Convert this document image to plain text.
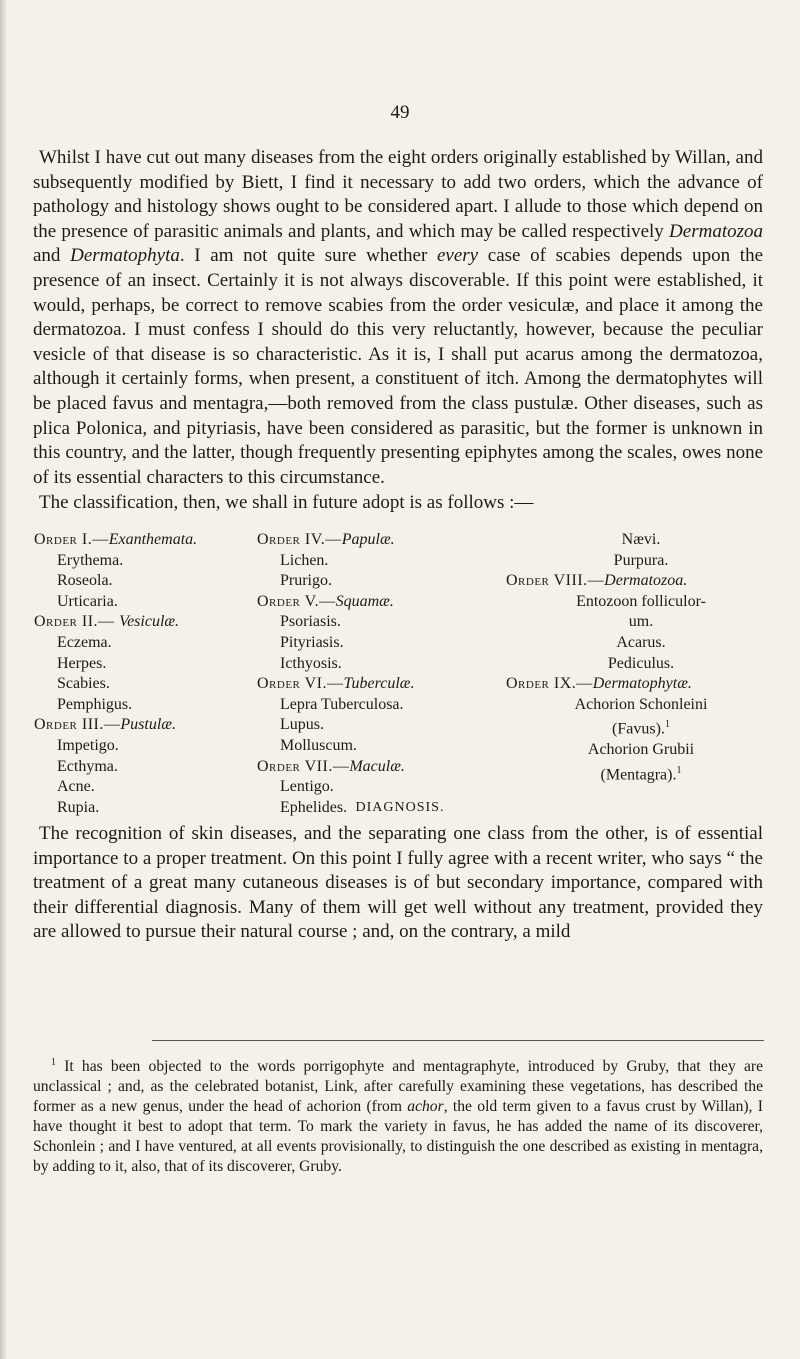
49

Whilst I have cut out many diseases from the eight orders originally established by Willan, and subsequently modified by Biett, I find it necessary to add two orders, which the advance of pathology and histology shows ought to be considered apart. I allude to those which depend on the presence of parasitic animals and plants, and which may be called respectively Dermatozoa and Dermatophyta. I am not quite sure whether every case of scabies depends upon the presence of an insect. Certainly it is not always discoverable. If this point were established, it would, perhaps, be correct to remove scabies from the order vesiculæ, and place it among the dermatozoa. I must confess I should do this very reluctantly, however, because the peculiar vesicle of that disease is so characteristic. As it is, I shall put acarus among the dermatozoa, although it certainly forms, when present, a constituent of itch. Among the dermatophytes will be placed favus and mentagra,—both removed from the class pustulæ. Other diseases, such as plica Polonica, and pityriasis, have been considered as parasitic, but the former is unknown in this country, and the latter, though frequently presenting epiphytes among the scales, owes none of its essential characters to this circumstance.

The classification, then, we shall in future adopt is as follows :—

Order I.—Exanthemata.
Erythema.
Roseola.
Urticaria.
Order II.— Vesiculæ.
Eczema.
Herpes.
Scabies.
Pemphigus.
Order III.—Pustulæ.
Impetigo.
Ecthyma.
Acne.
Rupia.
Order IV.—Papulæ.
Lichen.
Prurigo.
Order V.—Squamæ.
Psoriasis.
Pityriasis.
Icthyosis.
Order VI.—Tuberculæ.
Lepra Tuberculosa.
Lupus.
Molluscum.
Order VII.—Maculæ.
Lentigo.
Ephelides.
Nævi.
Purpura.
Order VIII.—Dermatozoa.
Entozoon folliculor-
um.
Acarus.
Pediculus.
Order IX.—Dermatophytæ.
Achorion Schonleini
(Favus).$^1$
Achorion Grubii
(Mentagra).$^1$
DIAGNOSIS.

The recognition of skin diseases, and the separating one class from the other, is of essential importance to a proper treatment. On this point I fully agree with a recent writer, who says “ the treatment of a great many cutaneous diseases is of but secondary importance, compared with their differential diagnosis. Many of them will get well without any treatment, provided they are allowed to pursue their natural course ; and, on the contrary, a mild

$^1$ It has been objected to the words porrigophyte and mentagraphyte, introduced by Gruby, that they are unclassical ; and, as the celebrated botanist, Link, after carefully examining these vegetations, has described the former as a new genus, under the head of achorion (from achor, the old term given to a favus crust by Willan), I have thought it best to adopt that term. To mark the variety in favus, he has added the name of its discoverer, Schonlein ; and I have ventured, at all events provisionally, to distinguish the one described as existing in mentagra, by adding to it, also, that of its discoverer, Gruby.
